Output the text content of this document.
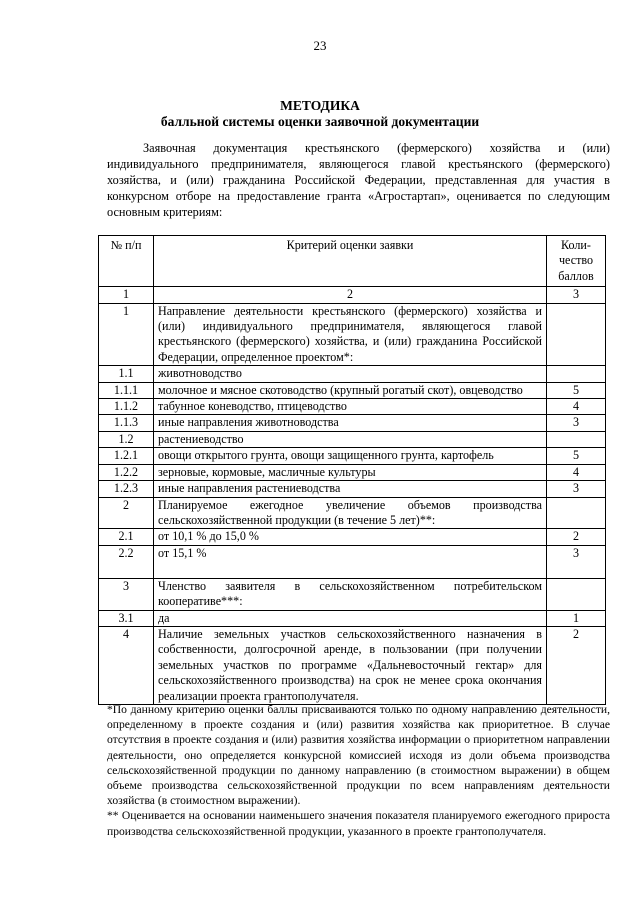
23
МЕТОДИКА
балльной системы оценки заявочной документации
Заявочная документация крестьянского (фермерского) хозяйства и (или) индивидуального предпринимателя, являющегося главой крестьянского (фермерского) хозяйства, и (или) гражданина Российской Федерации, представленная для участия в конкурсном отборе на предоставление гранта «Агростартап», оценивается по следующим основным критериям:
№ п/п	Критерий оценки заявки	Коли-чество баллов
1	2	3
1	Направление деятельности крестьянского (фермерского) хозяйства и (или) индивидуального предпринимателя, являющегося главой крестьянского (фермерского) хозяйства, и (или) гражданина Российской Федерации, определенное проектом*:	
1.1	животноводство	
1.1.1	молочное и мясное скотоводство (крупный рогатый скот), овцеводство	5
1.1.2	табунное коневодство, птицеводство	4
1.1.3	иные направления животноводства	3
1.2	растениеводство	
1.2.1	овощи открытого грунта, овощи защищенного грунта, картофель	5
1.2.2	зерновые, кормовые, масличные культуры	4
1.2.3	иные направления растениеводства	3
2	Планируемое ежегодное увеличение объемов производства сельскохозяйственной продукции (в течение 5 лет)**:	
2.1	от 10,1 % до 15,0 %	2
2.2	от 15,1 %	3
3	Членство заявителя в сельскохозяйственном потребительском кооперативе***:	
3.1	да	1
4	Наличие земельных участков сельскохозяйственного назначения в собственности, долгосрочной аренде, в пользовании (при получении земельных участков по программе «Дальневосточный гектар» для сельскохозяйственного производства) на срок не менее срока окончания реализации проекта грантополучателя.	2

*По данному критерию оценки баллы присваиваются только по одному направлению деятельности, определенному в проекте создания и (или) развития хозяйства как приоритетное. В случае отсутствия в проекте создания и (или) развития хозяйства информации о приоритетном направлении деятельности, оно определяется конкурсной комиссией исходя из доли объема производства сельскохозяйственной продукции по данному направлению (в стоимостном выражении) в общем объеме производства сельскохозяйственной продукции по всем направлениям деятельности хозяйства (в стоимостном выражении).

** Оценивается на основании наименьшего значения показателя планируемого ежегодного прироста производства сельскохозяйственной продукции, указанного в проекте грантополучателя.
